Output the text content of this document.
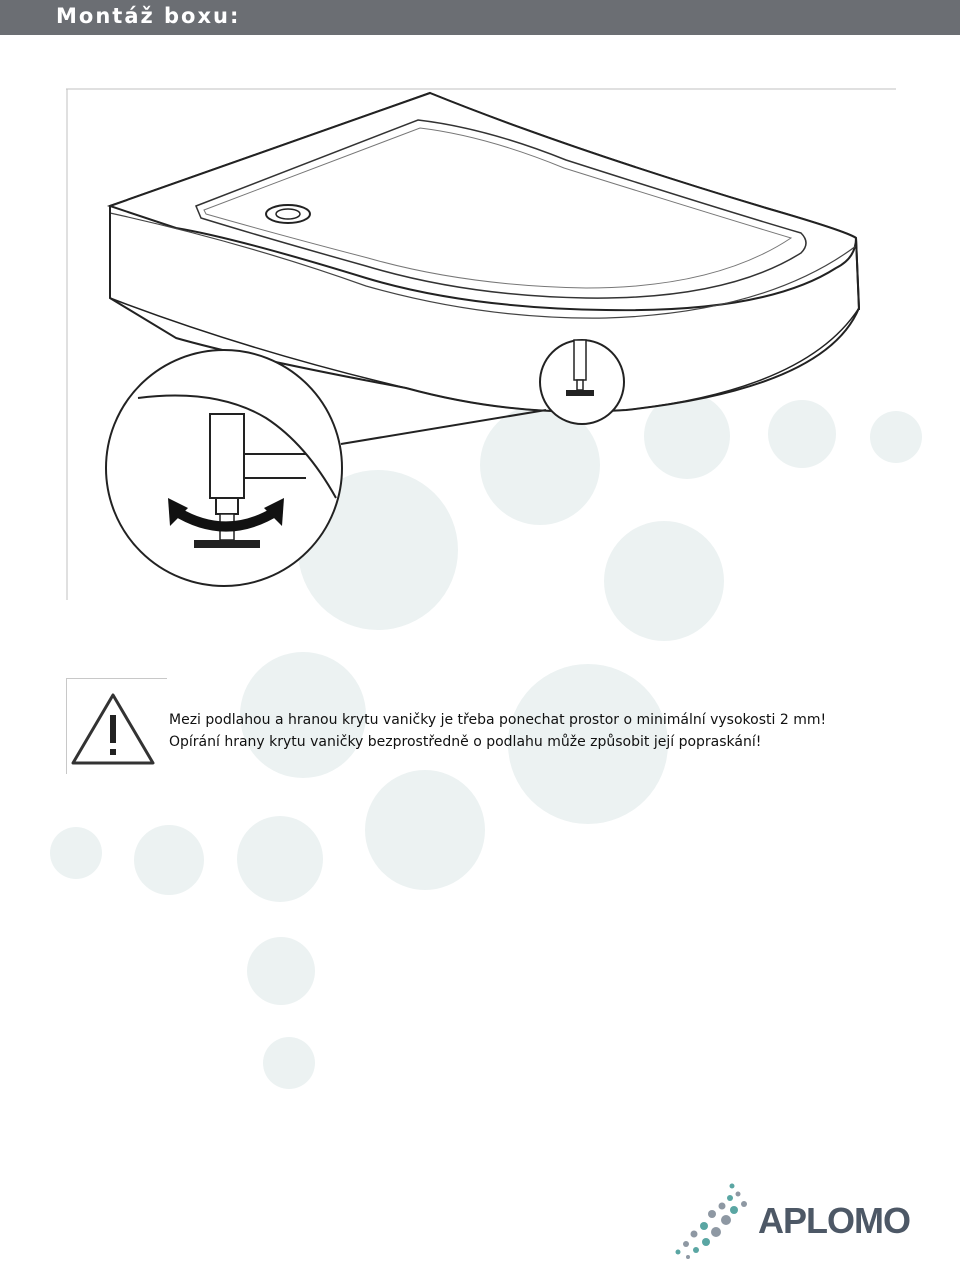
Montáž boxu:
Mezi podlahou a hranou krytu vaničky je třeba ponechat prostor o minimální vysokosti 2 mm!
Opírání hrany krytu vaničky bezprostředně o podlahu může způsobit její popraskání!
APLOMO
